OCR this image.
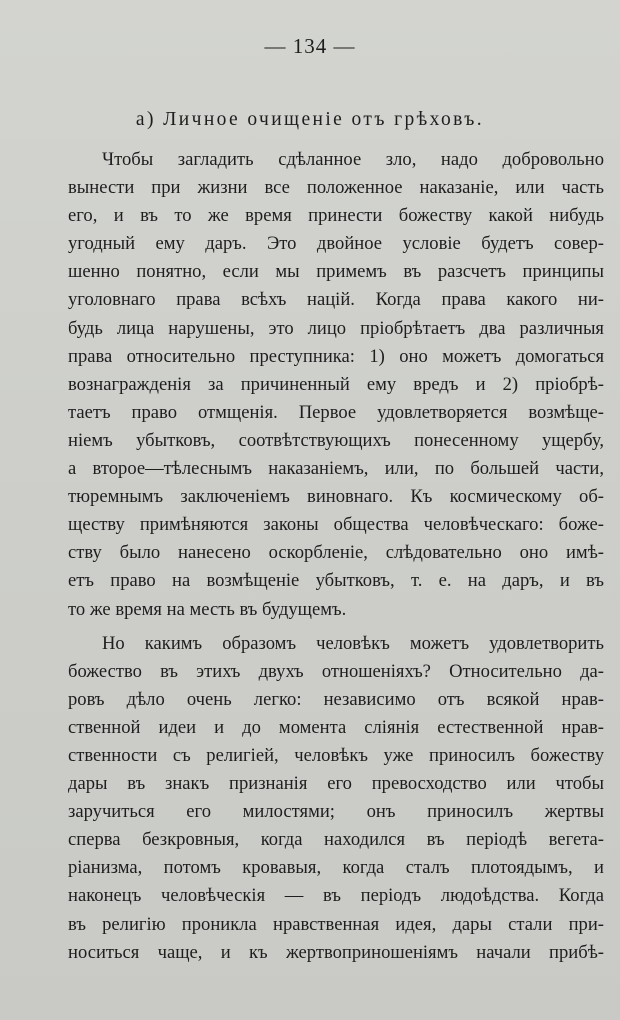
— 134 —
а) Личное очищеніе отъ грѣховъ.
Чтобы загладить сдѣланное зло, надо добровольно
вынести при жизни все положенное наказаніе, или часть
его, и въ то же время принести божеству какой нибудь
угодный ему даръ. Это двойное условіе будетъ совер-
шенно понятно, если мы примемъ въ разсчетъ принципы
уголовнаго права всѣхъ націй. Когда права какого ни-
будь лица нарушены, это лицо пріобрѣтаетъ два различныя
права относительно преступника: 1) оно можетъ домогаться
вознагражденія за причиненный ему вредъ и 2) пріобрѣ-
таетъ право отмщенія. Первое удовлетворяется возмѣще-
ніемъ убытковъ, соотвѣтствующихъ понесенному ущербу,
а второе—тѣлеснымъ наказаніемъ, или, по большей части,
тюремнымъ заключеніемъ виновнаго. Къ космическому об-
ществу примѣняются законы общества человѣческаго: боже-
ству было нанесено оскорбленіе, слѣдовательно оно имѣ-
етъ право на возмѣщеніе убытковъ, т. е. на даръ, и въ
то же время на месть въ будущемъ.
Но какимъ образомъ человѣкъ можетъ удовлетворить
божество въ этихъ двухъ отношеніяхъ? Относительно да-
ровъ дѣло очень легко: независимо отъ всякой нрав-
ственной идеи и до момента слiянія естественной нрав-
ственности съ религіей, человѣкъ уже приносилъ божеству
дары въ знакъ признанія его превосходство или чтобы
заручиться его милостями; онъ приносилъ жертвы
сперва безкровныя, когда находился въ періодѣ вегета-
ріанизма, потомъ кровавыя, когда сталъ плотоядымъ, и
наконецъ человѣческія — въ періодъ людоѣдства. Когда
въ религію проникла нравственная идея, дары стали при-
носиться чаще, и къ жертвоприношеніямъ начали прибѣ-
